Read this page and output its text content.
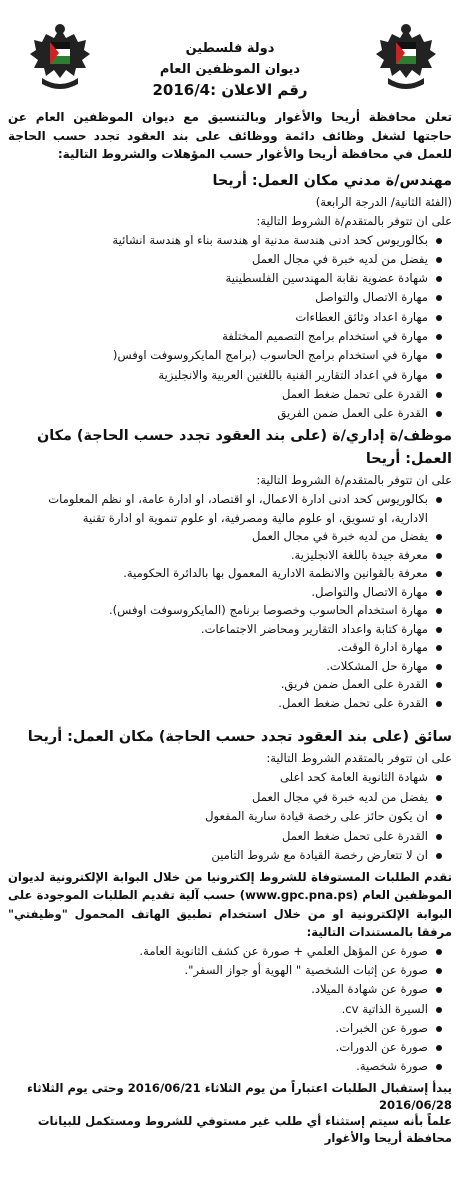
دولة فلسطين
ديوان الموظفين العام
رقم الاعلان :2016/4

تعلن محافظة أريحا والأغوار وبالتنسيق مع ديوان الموظفين العام عن حاجتها لشغل وظائف دائمة ووظائف على بند العقود تجدد حسب الحاجة للعمل في محافظة أريحا والأغوار حسب المؤهلات والشروط التالية:

مهندس/ة مدني مكان العمل: أريحا
(الفئة الثانية/ الدرجة الرابعة)
على ان تتوفر بالمتقدم/ة الشروط التالية:
بكالوريوس كحد ادنى هندسة مدنية او هندسة بناء او هندسة انشائية
يفضل من لديه خبرة في مجال العمل
شهادة عضوية نقابة المهندسين الفلسطينية
مهارة الاتصال والتواصل
مهارة اعداد وثائق العطاءات
مهارة في استخدام برامج التصميم المختلفة
مهارة في استخدام برامج الحاسوب (برامج المايكروسوفت اوفس(
مهارة في اعداد التقارير الفنية باللغتين العربية والانجليزية
القدرة على تحمل ضغط العمل
القدرة على العمل ضمن الفريق
موظف/ة إداري/ة (على بند العقود تجدد حسب الحاجة) مكان العمل: أريحا
على ان تتوفر بالمتقدم/ة الشروط التالية:
بكالوريوس كحد ادنى ادارة الاعمال، او اقتصاد، او ادارة عامة، او نظم المعلومات الادارية، او تسويق، او علوم مالية ومصرفية، او علوم تنموية او ادارة تقنية
يفضل من لديه خبرة في مجال العمل
معرفة جيدة باللغة الانجليزية.
معرفة بالقوانين والانظمة الادارية المعمول بها بالدائرة الحكومية.
مهارة الاتصال والتواصل.
مهارة استخدام الحاسوب وخصوصا برنامج (المايكروسوفت اوفس).
مهارة كتابة واعداد التقارير ومحاضر الاجتماعات.
مهارة ادارة الوقت.
مهارة حل المشكلات.
القدرة على العمل ضمن فريق.
القدرة على تحمل ضغط العمل.
سائق (على بند العقود تجدد حسب الحاجة) مكان العمل: أريحا
على ان تتوفر بالمتقدم الشروط التالية:
شهادة الثانوية العامة كحد اعلى
يفضل من لديه خبرة في مجال العمل
ان يكون حائز على رخصة قيادة سارية المفعول
القدرة على تحمل ضغط العمل
ان لا تتعارض رخصة القيادة مع شروط التامين

تقدم الطلبات المستوفاة للشروط إلكترونيا من خلال البوابة الإلكترونية لديوان الموظفين العام (www.gpc.pna.ps) حسب آلية تقديم الطلبات الموجودة على البوابة الإلكترونية او من خلال استخدام تطبيق الهاتف المحمول "وظيفتي" مرفقا بالمستندات التالية:

صورة عن المؤهل العلمي + صورة عن كشف الثانوية العامة.
صورة عن إثبات الشخصية " الهوية أو جواز السفر".
صورة عن شهادة الميلاد.
السيرة الذاتية cv.
صورة عن الخبرات.
صورة عن الدورات.
صورة شخصية.
يبدأ إستقبال الطلبات اعتباراً من يوم الثلاثاء 2016/06/21 وحتى يوم الثلاثاء 2016/06/28
علماً بأنه سيتم إستثناء أي طلب غير مستوفي للشروط ومستكمل للبيانات
محافظة أريحا والأغوار
